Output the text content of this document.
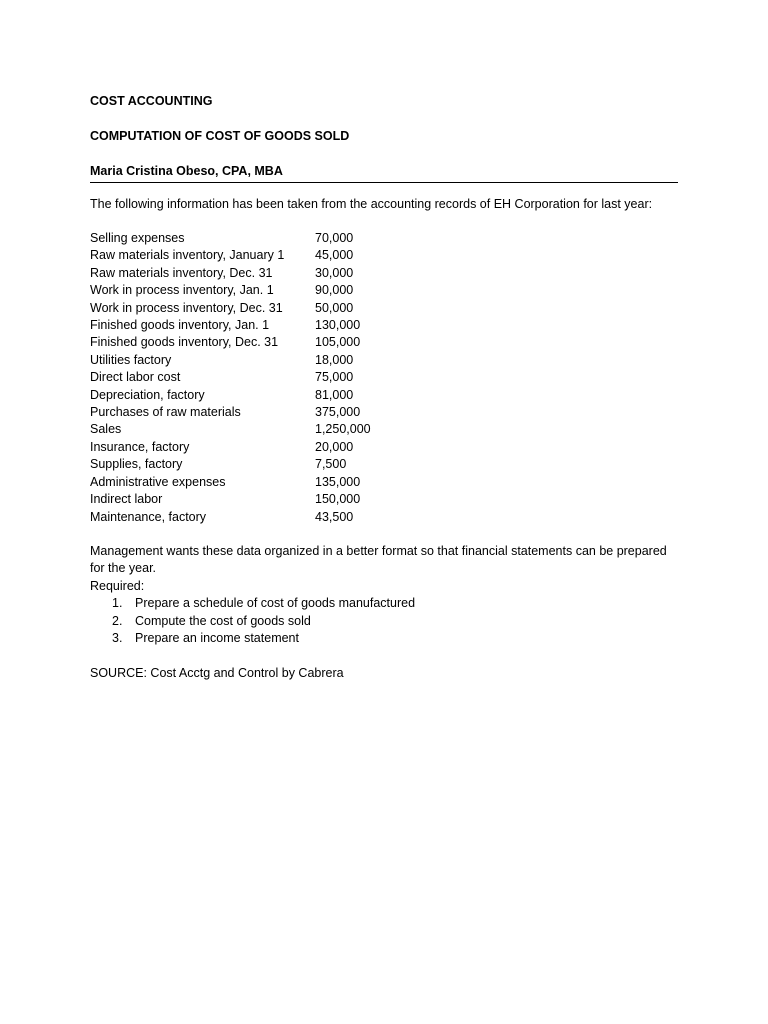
COST ACCOUNTING

COMPUTATION OF COST OF GOODS SOLD

Maria Cristina Obeso, CPA, MBA

The following information has been taken from the accounting records of EH Corporation for last year:

Selling expenses	70,000
Raw materials inventory, January 1	45,000
Raw materials inventory, Dec. 31	30,000
Work in process inventory, Jan. 1	90,000
Work in process inventory, Dec. 31	50,000
Finished goods inventory, Jan. 1	130,000
Finished goods inventory, Dec. 31	105,000
Utilities factory	18,000
Direct labor cost	75,000
Depreciation, factory	81,000
Purchases of raw materials	375,000
Sales	1,250,000
Insurance, factory	20,000
Supplies, factory	7,500
Administrative expenses	135,000
Indirect labor	150,000
Maintenance, factory	43,500

Management wants these data organized in a better format so that financial statements can be prepared for the year.

Required:

1.	Prepare a schedule of cost of goods manufactured
2.	Compute the cost of goods sold
3.	Prepare an income statement

SOURCE: Cost Acctg and Control by Cabrera
